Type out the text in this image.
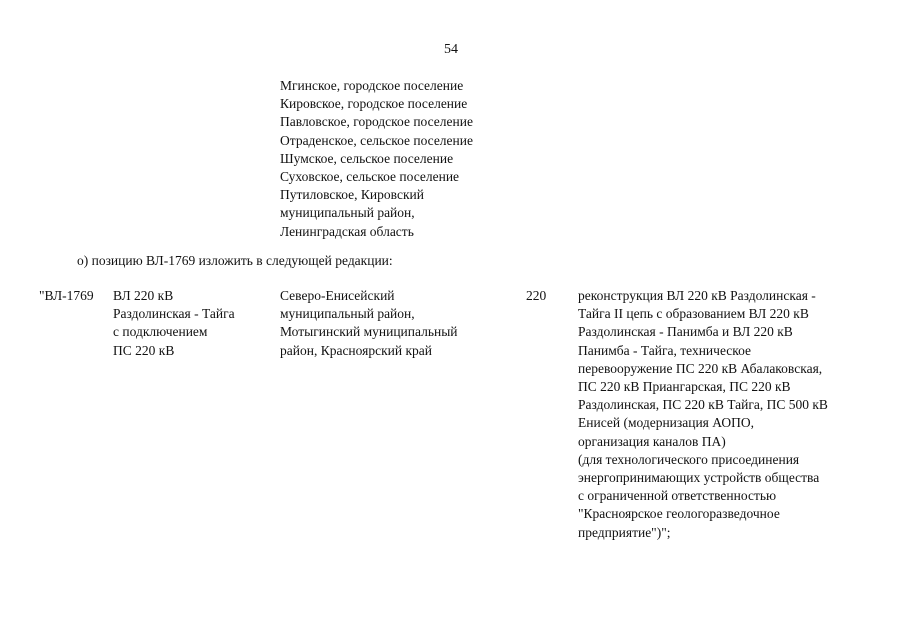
54

Мгинское, городское поселение

Кировское, городское поселение

Павловское, городское поселение

Отраденское, сельское поселение

Шумское, сельское поселение

Суховское, сельское поселение

Путиловское, Кировский

муниципальный район,

Ленинградская область

о) позицию ВЛ-1769 изложить в следующей редакции:

"ВЛ-1769 ВЛ 220 кВ

Раздолинская - Тайга

с подключением

ПС 220 кВ

Северо-Енисейский

муниципальный район,

Мотыгинский муниципальный

район, Красноярский край

220 реконструкция ВЛ 220 кВ Раздолинская -

Тайга II цепь с образованием ВЛ 220 кВ

Раздолинская - Панимба и ВЛ 220 кВ

Панимба - Тайга, техническое

перевооружение ПС 220 кВ Абалаковская,

ПС 220 кВ Приангарская, ПС 220 кВ

Раздолинская, ПС 220 кВ Тайга, ПС 500 кВ

Енисей (модернизация АОПО,

организация каналов ПА)

(для технологического присоединения

энергопринимающих устройств общества

с ограниченной ответственностью

"Красноярское геологоразведочное

предприятие")";
